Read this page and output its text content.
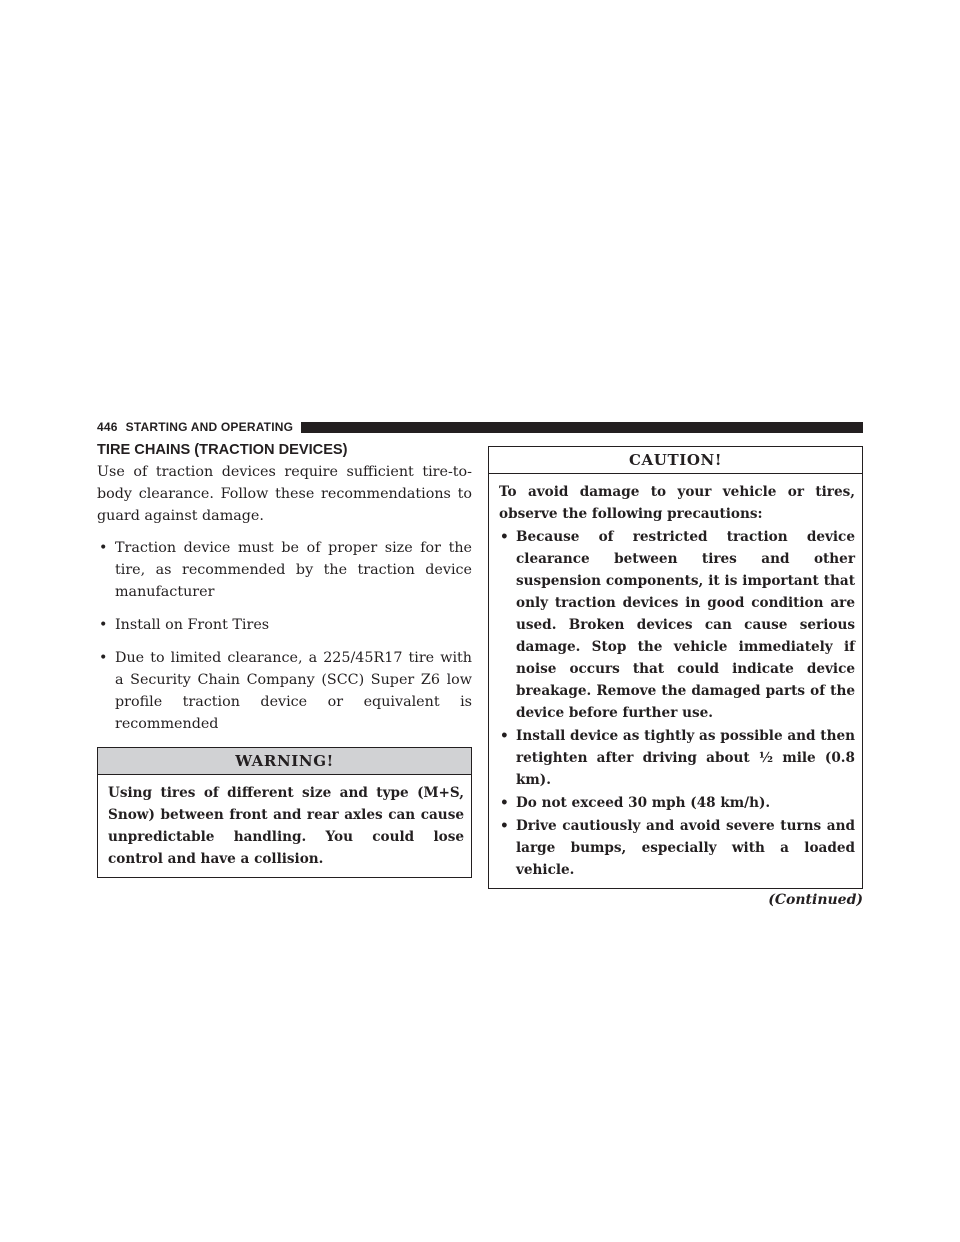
446 STARTING AND OPERATING
TIRE CHAINS (TRACTION DEVICES)

Use of traction devices require sufficient tire-to-body clearance. Follow these recommendations to guard against damage.

• Traction device must be of proper size for the tire, as recommended by the traction device manufacturer
• Install on Front Tires
• Due to limited clearance, a 225/45R17 tire with a Security Chain Company (SCC) Super Z6 low profile traction device or equivalent is recommended
WARNING!

Using tires of different size and type (M+S, Snow) between front and rear axles can cause unpredictable handling. You could lose control and have a collision.

CAUTION!

To avoid damage to your vehicle or tires, observe the following precautions:

• Because of restricted traction device clearance between tires and other suspension components, it is important that only traction devices in good condition are used. Broken devices can cause serious damage. Stop the vehicle immediately if noise occurs that could indicate device breakage. Remove the damaged parts of the device before further use.
• Install device as tightly as possible and then retighten after driving about ½ mile (0.8 km).
• Do not exceed 30 mph (48 km/h).
• Drive cautiously and avoid severe turns and large bumps, especially with a loaded vehicle.
(Continued)
